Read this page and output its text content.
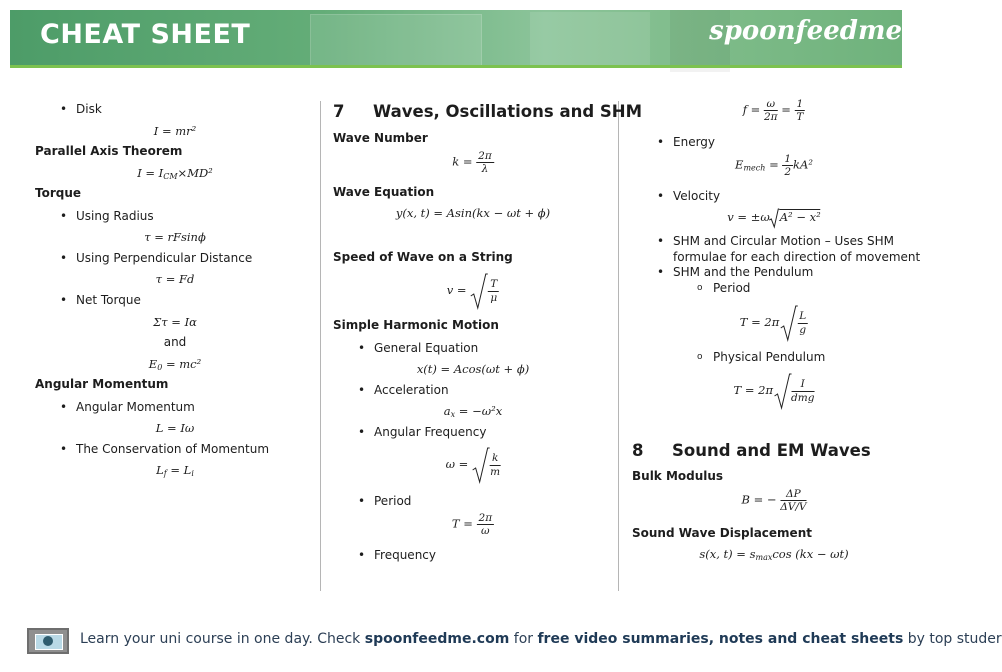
CHEAT SHEET	spoonfeedme
• Disk
I = mr²
Parallel Axis Theorem
$I = I_{CM}\times MD^2$
Torque
• Using Radius
τ = rFsinϕ
• Using Perpendicular Distance
τ = Fd
• Net Torque
Στ = Iα
and
$E_0 = mc^2$
Angular Momentum
• Angular Momentum
L = Iω
• The Conservation of Momentum
$L_f = L_i$
7 Waves, Oscillations and SHM
Wave Number
$k = \frac{2\pi}{\lambda}$
Wave Equation
y(x, t) = Asin(kx − ωt + ϕ)
Speed of Wave on a String
$v = \frac{T}{\mu}$
Simple Harmonic Motion
• General Equation
x(t) = Acos(ωt + ϕ)
• Acceleration
$a_x = -\omega^2x$
• Angular Frequency
$\omega = \frac{k}{m}$
• Period
$T = \frac{2\pi}{\omega}$
• Frequency
$f = \frac{\omega}{2\pi} = \frac{1}{T}$
• Energy
$E_{mech} = \frac{1}{2} kA^2$
• Velocity
v = ±ω A² − x²
• SHM and Circular Motion – Uses SHM
formulae for each direction of movement
• SHM and the Pendulum
o Period
$T = 2\pi \frac{L}{g}$
o Physical Pendulum
$T = 2\pi \frac{I}{\text{dmg}}$
8 Sound and EM Waves
Bulk Modulus
B = − $\frac{\Delta P}{\Delta V/V}$
Sound Wave Displacement
s(x, $t) = s_{max}\cos$ (kx − ωt)
Learn your uni course in one day. Check spoonfeedme.com for free video summaries, notes and cheat sheets by top studer
